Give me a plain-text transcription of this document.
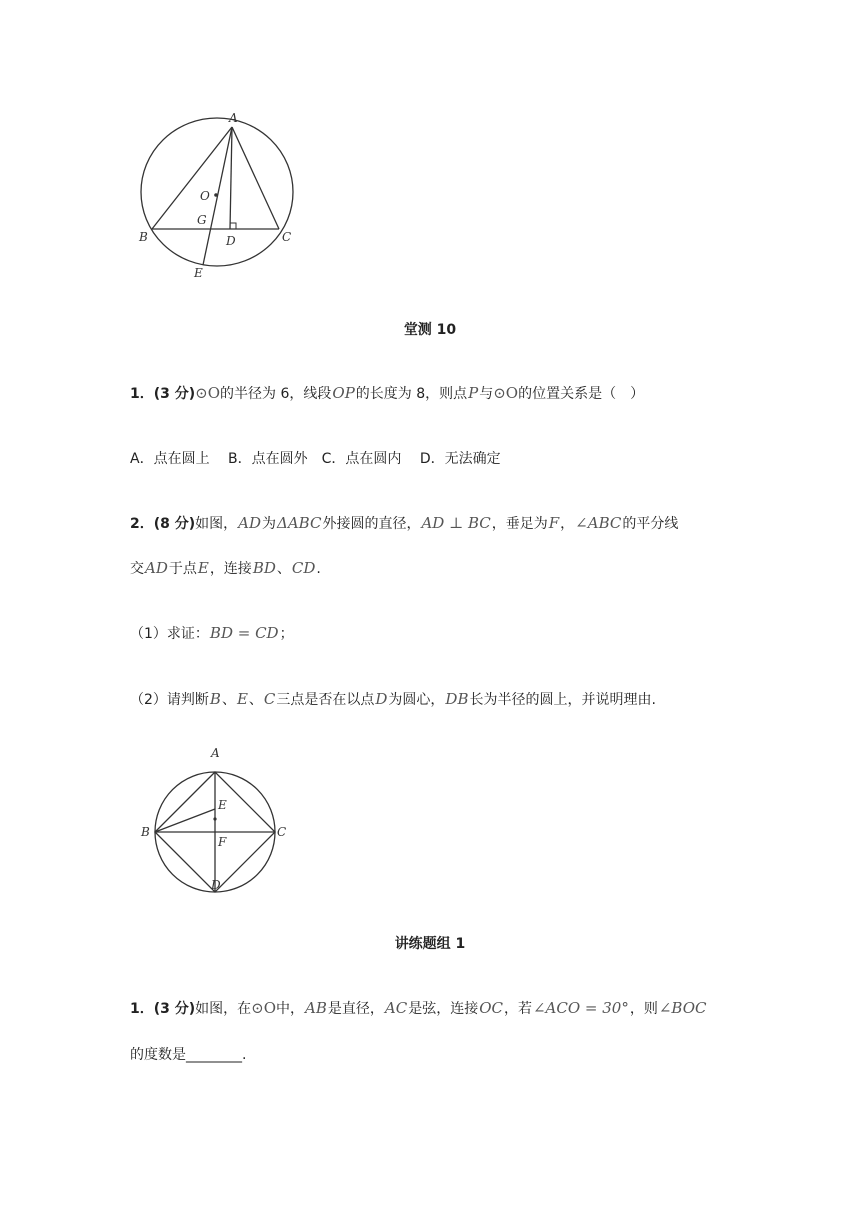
A
O
G
B	D	C
E
堂测 10
1．(3 分)⊙O的半径为 6，线段OP的长度为 8，则点P与⊙O的位置关系是（　）
A．点在圆上　 B．点在圆外　C．点在圆内　 D．无法确定
2．(8 分)如图，AD为ΔABC外接圆的直径，AD ⊥ BC，垂足为F，∠ABC的平分线
交AD于点E，连接BD、CD.
（1）求证：BD = CD；
（2）请判断B、E、C三点是否在以点D为圆心，DB长为半径的圆上，并说明理由.
A
E
B
F
C
D
讲练题组 1
1．(3 分)如图，在⊙O中，AB是直径，AC是弦，连接OC，若∠ACO = 30°，则∠BOC
的度数是________.
